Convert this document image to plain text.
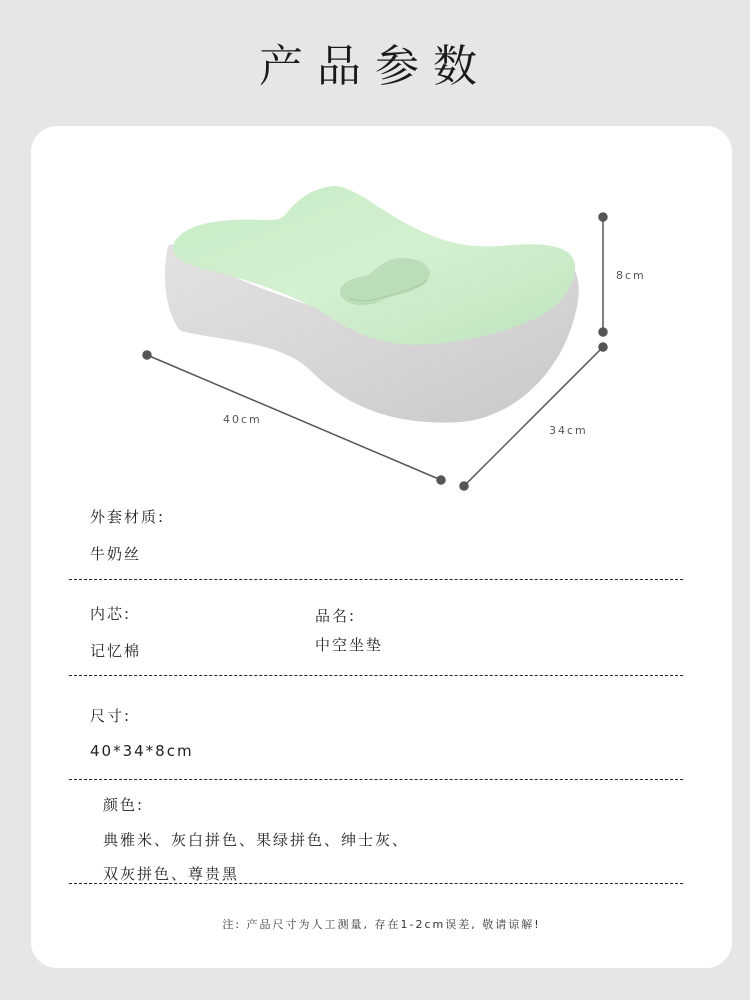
产品参数
40cm
34cm
8cm
外套材质:
牛奶丝
内芯:
记忆棉
品名:
中空坐垫
尺寸:
40*34*8cm
颜色:
典雅米、灰白拼色、果绿拼色、绅士灰、
双灰拼色、尊贵黑
注: 产品尺寸为人工测量, 存在1-2cm误差, 敬请谅解!
